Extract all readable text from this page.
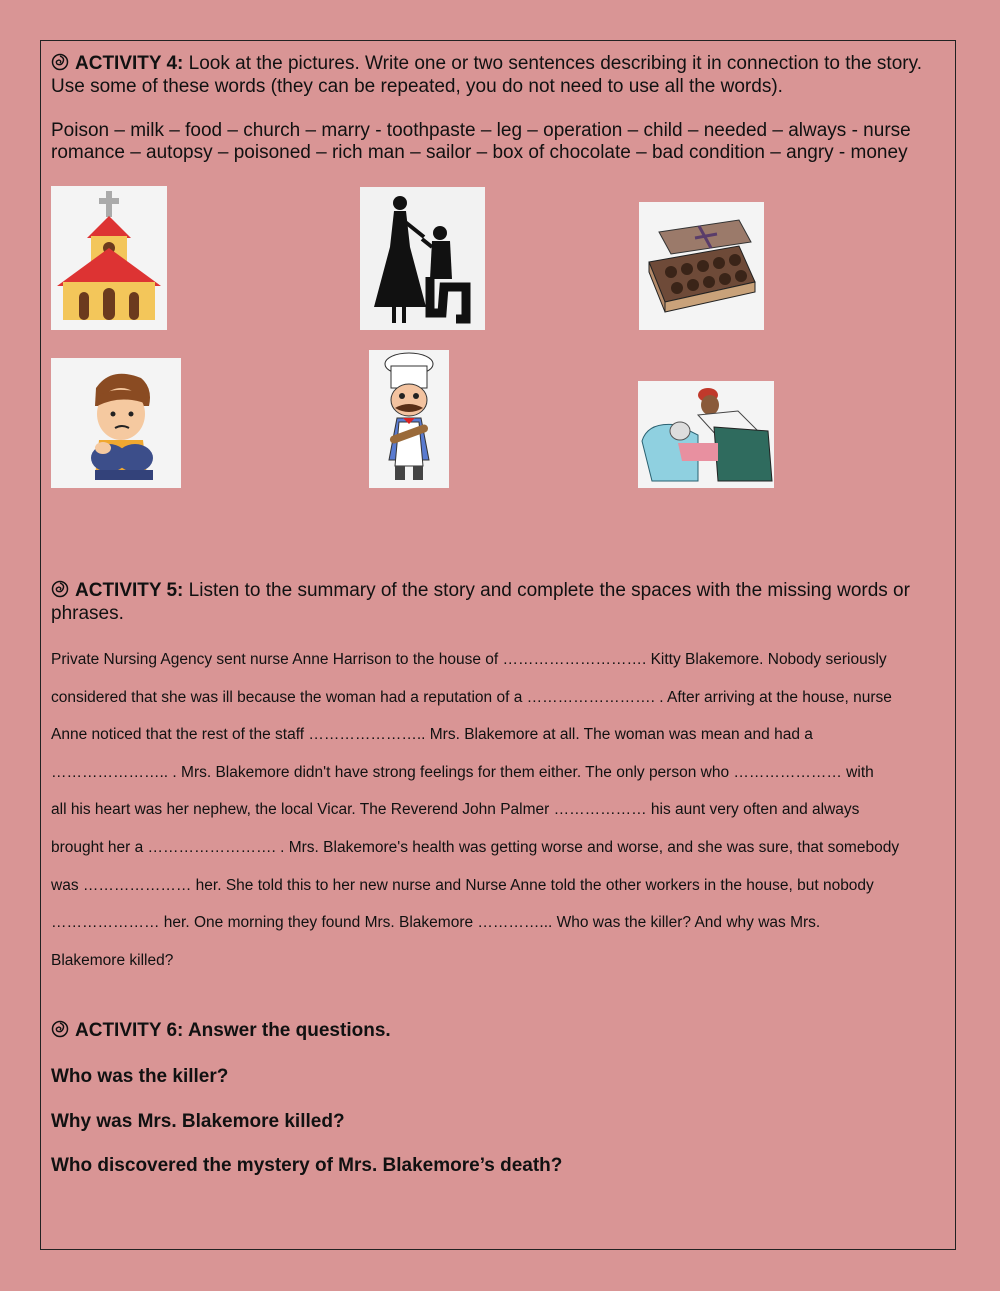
ACTIVITY 4: Look at the pictures. Write one or two sentences describing it in connection to the story. Use some of these words (they can be repeated, you do not need to use all the words).
Poison – milk – food – church – marry - toothpaste – leg – operation – child – needed – always - nurse
romance – autopsy – poisoned – rich man – sailor – box of chocolate – bad condition – angry - money
ACTIVITY 5: Listen to the summary of the story and complete the spaces with the missing words or phrases.
Private Nursing Agency sent nurse Anne Harrison to the house of ………………………. Kitty Blakemore. Nobody seriously
considered that she was ill because the woman had a reputation of a ……………………. . After arriving at the house, nurse
Anne noticed that the rest of the staff ………………….. Mrs. Blakemore at all. The woman was mean and had a
………………….. . Mrs. Blakemore didn't have strong feelings for them either. The only person who ………………… with
all his heart was her nephew, the local Vicar. The Reverend John Palmer ……………… his aunt very often and always
brought her a ……………………. . Mrs. Blakemore's health was getting worse and worse, and she was sure, that somebody
was ………………… her. She told this to her new nurse and Nurse Anne told the other workers in the house, but nobody
………………… her. One morning they found Mrs. Blakemore …………... Who was the killer? And why was Mrs.
Blakemore killed?
ACTIVITY 6: Answer the questions.
Who was the killer?
Why was Mrs. Blakemore killed?
Who discovered the mystery of Mrs. Blakemore’s death?
